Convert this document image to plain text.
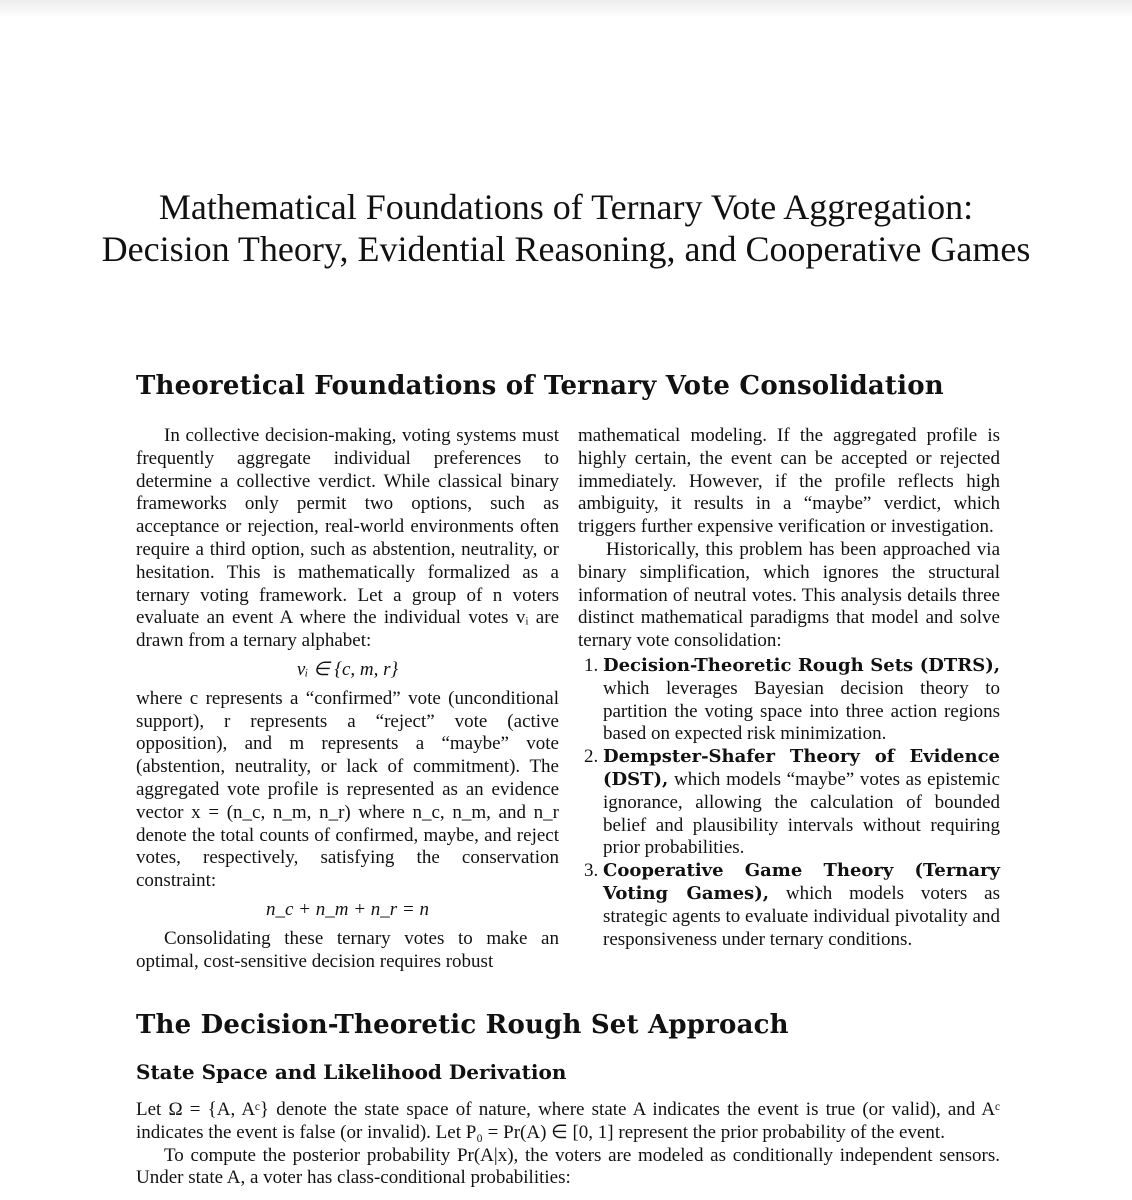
Mathematical Foundations of Ternary Vote Aggregation:
Decision Theory, Evidential Reasoning, and Cooperative Games
Theoretical Foundations of Ternary Vote Consolidation

In collective decision-making, voting systems must frequently aggregate individual preferences to determine a collective verdict. While classical binary frameworks only permit two options, such as acceptance or rejection, real-world environments often require a third option, such as abstention, neutrality, or hesitation. This is mathematically formalized as a ternary voting framework. Let a group of n voters evaluate an event A where the individual votes vᵢ are drawn from a ternary alphabet:

vᵢ ∈ {c, m, r}

where c represents a “confirmed” vote (unconditional support), r represents a “reject” vote (active opposition), and m represents a “maybe” vote (abstention, neutrality, or lack of commitment). The aggregated vote profile is represented as an evidence vector x = (n_c, n_m, n_r) where n_c, n_m, and n_r denote the total counts of confirmed, maybe, and reject votes, respectively, satisfying the conservation constraint:

n_c + n_m + n_r = n

Consolidating these ternary votes to make an optimal, cost-sensitive decision requires robust

mathematical modeling. If the aggregated profile is highly certain, the event can be accepted or rejected immediately. However, if the profile reflects high ambiguity, it results in a “maybe” verdict, which triggers further expensive verification or investigation.

Historically, this problem has been approached via binary simplification, which ignores the structural information of neutral votes. This analysis details three distinct mathematical paradigms that model and solve ternary vote consolidation:

1. Decision-Theoretic Rough Sets (DTRS), which leverages Bayesian decision theory to partition the voting space into three action regions based on expected risk minimization.
2. Dempster-Shafer Theory of Evidence (DST), which models “maybe” votes as epistemic ignorance, allowing the calculation of bounded belief and plausibility intervals without requiring prior probabilities.
3. Cooperative Game Theory (Ternary Voting Games), which models voters as strategic agents to evaluate individual pivotality and responsiveness under ternary conditions.
The Decision-Theoretic Rough Set Approach
State Space and Likelihood Derivation

Let Ω = {A, Aᶜ} denote the state space of nature, where state A indicates the event is true (or valid), and Aᶜ indicates the event is false (or invalid). Let P₀ = Pr(A) ∈ [0, 1] represent the prior probability of the event.

To compute the posterior probability Pr(A|x), the voters are modeled as conditionally independent sensors. Under state A, a voter has class-conditional probabilities:
